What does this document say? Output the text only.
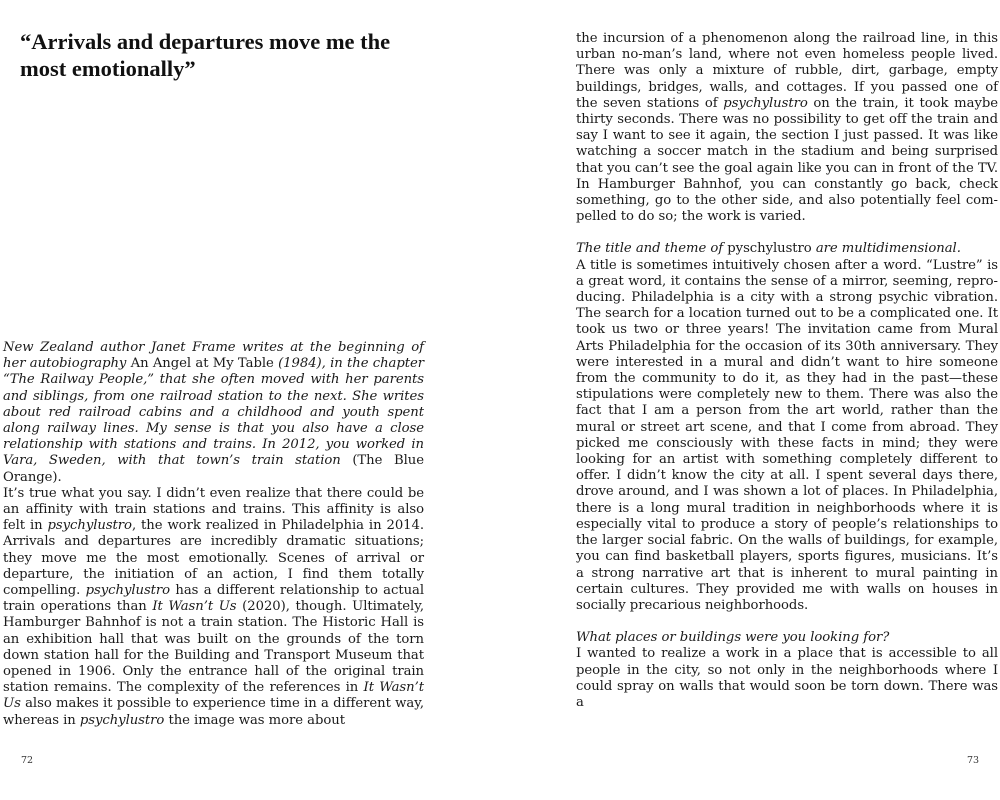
“Arrivals and departures move me the most emotionally”

New Zealand author Janet Frame writes at the beginning of her autobiography An Angel at My Table (1984), in the chapter “The Railway People,” that she often moved with her parents and siblings, from one railroad station to the next. She writes about red railroad cabins and a childhood and youth spent along railway lines. My sense is that you also have a close relationship with stations and trains. In 2012, you worked in Vara, Sweden, with that town’s train station (The Blue Orange).

It’s true what you say. I didn’t even realize that there could be an affinity with train stations and trains. This affinity is also felt in psychylustro, the work realized in Philadelphia in 2014. Arrivals and departures are incredibly dramatic situations; they move me the most emotionally. Scenes of arrival or departure, the initiation of an action, I find them totally compelling. psychylustro has a different relationship to actual train operations than It Wasn’t Us (2020), though. Ultimately, Hamburger Bahnhof is not a train station. The Historic Hall is an exhibition hall that was built on the grounds of the torn down station hall for the Building and Transport Museum that opened in 1906. Only the entrance hall of the original train station remains. The complexity of the references in It Wasn’t Us also makes it possible to experience time in a different way, whereas in psychylustro the image was more about

72

the incursion of a phenomenon along the railroad line, in this urban no-man’s land, where not even homeless people lived. There was only a mixture of rubble, dirt, garbage, empty buildings, bridges, walls, and cottages. If you passed one of the seven stations of psychylustro on the train, it took maybe thirty seconds. There was no possibility to get off the train and say I want to see it again, the section I just passed. It was like watching a soccer match in the stadium and being surprised that you can’t see the goal again like you can in front of the TV. In Hamburger Bahnhof, you can constantly go back, check something, go to the other side, and also potentially feel compelled to do so; the work is varied.

The title and theme of pyschylustro are multidimensional.

A title is sometimes intuitively chosen after a word. “Lustre” is a great word, it contains the sense of a mirror, seeming, reproducing. Philadelphia is a city with a strong psychic vibration. The search for a location turned out to be a complicated one. It took us two or three years! The invitation came from Mural Arts Philadelphia for the occasion of its 30th anniversary. They were interested in a mural and didn’t want to hire someone from the community to do it, as they had in the past—these stipulations were completely new to them. There was also the fact that I am a person from the art world, rather than the mural or street art scene, and that I come from abroad. They picked me consciously with these facts in mind; they were looking for an artist with something completely different to offer. I didn’t know the city at all. I spent several days there, drove around, and I was shown a lot of places. In Philadelphia, there is a long mural tradition in neighborhoods where it is especially vital to produce a story of people’s relationships to the larger social fabric. On the walls of buildings, for example, you can find basketball players, sports figures, musicians. It’s a strong narrative art that is inherent to mural painting in certain cultures. They provided me with walls on houses in socially precarious neighborhoods.

What places or buildings were you looking for?

I wanted to realize a work in a place that is accessible to all people in the city, so not only in the neighborhoods where I could spray on walls that would soon be torn down. There was a

73
